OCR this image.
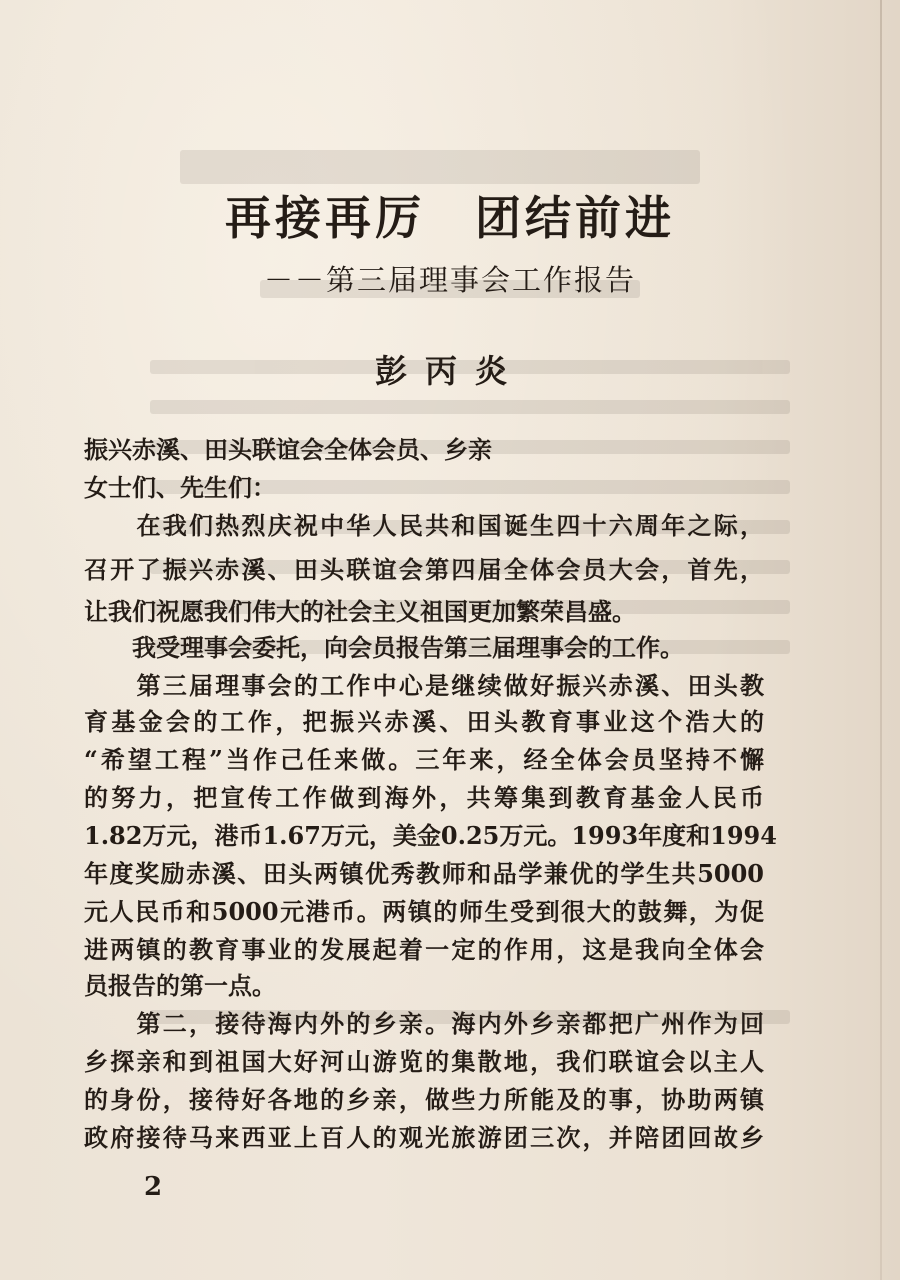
再接再厉　团结前进
－－第三届理事会工作报告
彭丙炎
振兴赤溪、田头联谊会全体会员、乡亲
女士们、先生们：
　　在我们热烈庆祝中华人民共和国诞生四十六周年之际，
召开了振兴赤溪、田头联谊会第四届全体会员大会，首先，
让我们祝愿我们伟大的社会主义祖国更加繁荣昌盛。
　　我受理事会委托，向会员报告第三届理事会的工作。
　　第三届理事会的工作中心是继续做好振兴赤溪、田头教
育基金会的工作，把振兴赤溪、田头教育事业这个浩大的
“希望工程”当作己任来做。三年来，经全体会员坚持不懈
的努力，把宣传工作做到海外，共筹集到教育基金人民币
1.82万元，港币1.67万元，美金0.25万元。1993年度和1994
年度奖励赤溪、田头两镇优秀教师和品学兼优的学生共5000
元人民币和5000元港币。两镇的师生受到很大的鼓舞，为促
进两镇的教育事业的发展起着一定的作用，这是我向全体会
员报告的第一点。
　　第二，接待海内外的乡亲。海内外乡亲都把广州作为回
乡探亲和到祖国大好河山游览的集散地，我们联谊会以主人
的身份，接待好各地的乡亲，做些力所能及的事，协助两镇
政府接待马来西亚上百人的观光旅游团三次，并陪团回故乡
2
